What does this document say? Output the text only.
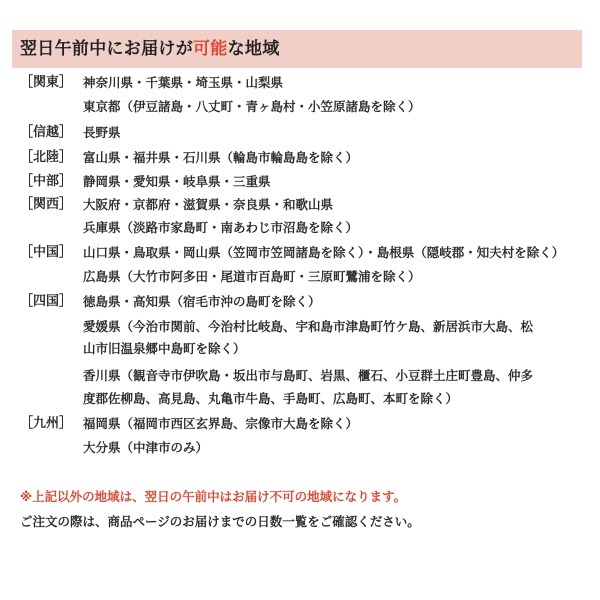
翌日午前中にお届けが可能な地域
［関東］ 神奈川県・千葉県・埼玉県・山梨県
東京都（伊豆諸島・八丈町・青ヶ島村・小笠原諸島を除く）
［信越］ 長野県
［北陸］ 富山県・福井県・石川県（輪島市輪島島を除く）
［中部］ 静岡県・愛知県・岐阜県・三重県
［関西］ 大阪府・京都府・滋賀県・奈良県・和歌山県
兵庫県（淡路市家島町・南あわじ市沼島を除く）
［中国］ 山口県・鳥取県・岡山県（笠岡市笠岡諸島を除く）・島根県（隠岐郡・知夫村を除く）
広島県（大竹市阿多田・尾道市百島町・三原町鷺浦を除く）
［四国］ 徳島県・高知県（宿毛市沖の島町を除く）
愛媛県（今治市関前、今治村比岐島、宇和島市津島町竹ケ島、新居浜市大島、松
山市旧温泉郷中島町を除く）
香川県（観音寺市伊吹島・坂出市与島町、岩黒、櫃石、小豆群土庄町豊島、仲多
度郡佐柳島、高見島、丸亀市牛島、手島町、広島町、本町を除く）
［九州］ 福岡県（福岡市西区玄界島、宗像市大島を除く）
大分県（中津市のみ）
※上記以外の地域は、翌日の午前中はお届け不可の地域になります。
ご注文の際は、商品ページのお届けまでの日数一覧をご確認ください。
